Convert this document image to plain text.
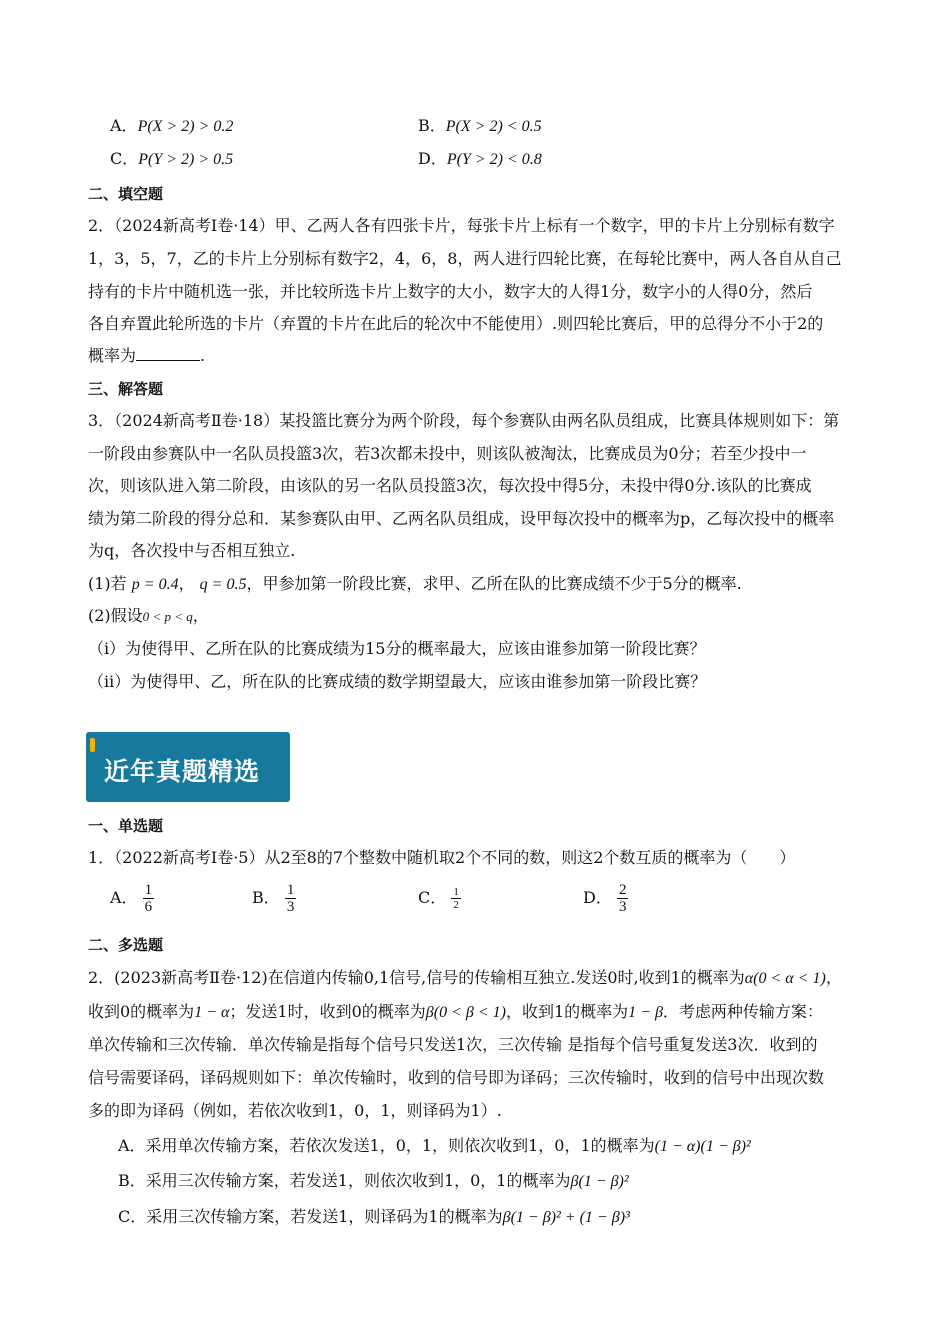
A．P(X > 2) > 0.2	B．P(X > 2) < 0.5
C．P(Y > 2) > 0.5	D．P(Y > 2) < 0.8
二、填空题
2．（2024新高考Ⅰ卷·14）甲、乙两人各有四张卡片，每张卡片上标有一个数字，甲的卡片上分别标有数字
1，3，5，7，乙的卡片上分别标有数字2，4，6，8，两人进行四轮比赛，在每轮比赛中，两人各自从自己
持有的卡片中随机选一张，并比较所选卡片上数字的大小，数字大的人得1分，数字小的人得0分，然后
各自弃置此轮所选的卡片（弃置的卡片在此后的轮次中不能使用）.则四轮比赛后，甲的总得分不小于2的
概率为	.
三、解答题
3．（2024新高考Ⅱ卷·18）某投篮比赛分为两个阶段，每个参赛队由两名队员组成，比赛具体规则如下：第
一阶段由参赛队中一名队员投篮3次，若3次都未投中，则该队被淘汰，比赛成员为0分；若至少投中一
次，则该队进入第二阶段，由该队的另一名队员投篮3次，每次投中得5分，未投中得0分.该队的比赛成
绩为第二阶段的得分总和．某参赛队由甲、乙两名队员组成，设甲每次投中的概率为p，乙每次投中的概率
为q，各次投中与否相互独立.
(1)若 p = 0.4， q = 0.5，甲参加第一阶段比赛，求甲、乙所在队的比赛成绩不少于5分的概率.
(2)假设0 < p < q，
（i）为使得甲、乙所在队的比赛成绩为15分的概率最大，应该由谁参加第一阶段比赛？
（ii）为使得甲、乙，所在队的比赛成绩的数学期望最大，应该由谁参加第一阶段比赛？
近年真题精选
一、单选题
1．（2022新高考Ⅰ卷·5）从2至8的7个整数中随机取2个不同的数，则这2个数互质的概率为（　　）
A． $\frac{1}{6}$	B． $\frac{1}{3}$	C． $\frac{1}{2}$	D． $\frac{2}{3}$
二、多选题
2．(2023新高考Ⅱ卷·12)在信道内传输0,1信号,信号的传输相互独立.发送0时,收到1的概率为α(0 < α < 1)，
收到0的概率为1 − α；发送1时，收到0的概率为β(0 < β < 1)，收到1的概率为1 − β．考虑两种传输方案：
单次传输和三次传输．单次传输是指每个信号只发送1次，三次传输 是指每个信号重复发送3次．收到的
信号需要译码，译码规则如下：单次传输时，收到的信号即为译码；三次传输时，收到的信号中出现次数
多的即为译码（例如，若依次收到1，0，1，则译码为1）.
A．采用单次传输方案，若依次发送1，0，1，则依次收到1，0，1的概率为(1 − α)(1 − β)²
B．采用三次传输方案，若发送1，则依次收到1，0，1的概率为β(1 − β)²
C．采用三次传输方案，若发送1，则译码为1的概率为β(1 − β)² + (1 − β)³
